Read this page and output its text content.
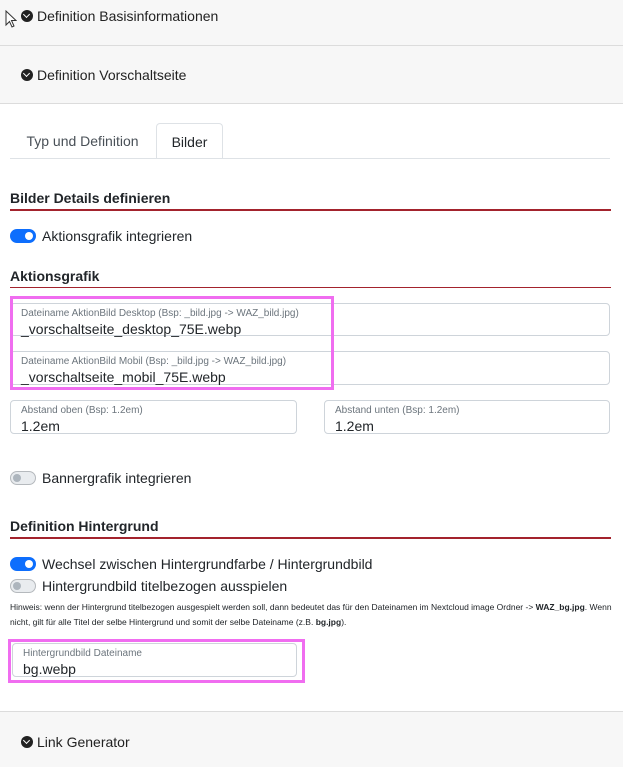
Definition Basisinformationen
Definition Vorschaltseite
Typ und Definition	Bilder
Bilder Details definieren
Aktionsgrafik integrieren
Aktionsgrafik
Dateiname AktionBild Desktop (Bsp: _bild.jpg -> WAZ_bild.jpg)
_vorschaltseite_desktop_75E.webp
Dateiname AktionBild Mobil (Bsp: _bild.jpg -> WAZ_bild.jpg)
_vorschaltseite_mobil_75E.webp
Abstand oben (Bsp: 1.2em)
1.2em
Abstand unten (Bsp: 1.2em)
1.2em
Bannergrafik integrieren
Definition Hintergrund
Wechsel zwischen Hintergrundfarbe / Hintergrundbild
Hintergrundbild titelbezogen ausspielen
Hinweis: wenn der Hintergrund titelbezogen ausgespielt werden soll, dann bedeutet das für den Dateinamen im Nextcloud image Ordner -> WAZ_bg.jpg. Wenn nicht, gilt für alle Titel der selbe Hintergrund und somit der selbe Dateiname (z.B. bg.jpg).
Hintergrundbild Dateiname
bg.webp
Link Generator
